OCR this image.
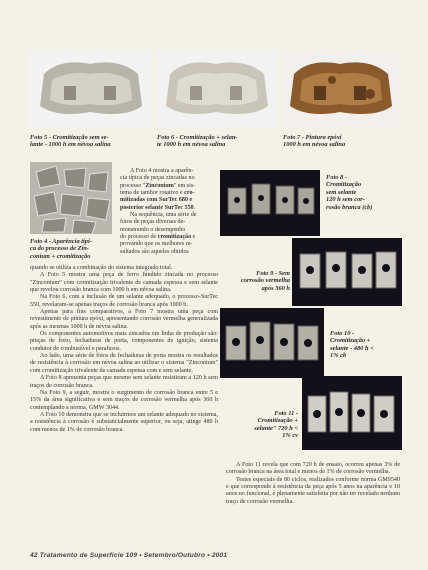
Foto 5 - Cromitização sem se-
lante - 1000 h em névoa salina
Foto 6 - Cromitização + selan-
te 1000 h em névoa salina
Foto 7 - Pintura epóxi
1000 h em névoa salina
Foto 4 - Aparência típi-
ca do processo de Zin-
conium + cromitização
A Foto 4 mostra a aparên-
cia típica de peças zincadas no
processo "Zinconium" em sis-
tema de tambor rotativo e cro-
mitizadas com SurTec 680 e
posterior selante SurTec 550.
Na sequência, uma série de
fotos de peças diversas de-
monstrando o desempenho
do processo de cromitização e
provando que os melhores re-
sultados são aqueles obtidos

quando se utiliza a combinação do sistema integrado total.

A Foto 5 mostra uma peça de ferro fundido zincada no processo "Zinconium" com cromitização trivalente de camada espessa e sem selante que revelou corrosão branca com 1000 h em névoa salina.

Na Foto 6, com a inclusão de um selante adequado, o processo-SurTec 550, revelaram-se apenas traços de corrosão branca após 1000 h.

Apenas para fins comparativos, a Foto 7 mostra uma peça com revestimento de pintura epóxi, apresentando corrosão vermelha generalizada após as mesmas 1000 h de névoa salina.

Os componentes automotivos mais zincados em linha de produção são: pinças de freio, fechaduras de porta, componentes de ignição, sistema condutor de combustível e parafusos.

Ao lado, uma série de fotos de fechaduras de porta mostra os resultados de resistência à corrosão em névoa salina ao utilizar o sistema "Zinconium" com cromitização trivalente de camada espessa com e sem selante.

A Foto 8 apresenta peças que mesmo sem selante resistiram a 120 h sem traços de corrosão branca.

Na Foto 9, a seguir, mostra o surgimento de corrosão branca entre 5 e 15% da área significativa e sem traços de corrosão vermelha após 360 h contemplando a norma, GMW 3044.

A Foto 10 demonstra que se incluirmos um selante adequado no sistema, a resistência à corrosão é substancialmente superior, ou seja, atinge 480 h com menos de 1% de corrosão branca.

Foto 8 -
Cromitização
sem selante
120 h sem cor-
rosão branca (cb)
Foto 9 - Sem
corrosão vermelha
após 360 h
Foto 10 -
Cromitização +
selante - 480 h <
1% cb
Foto 11 -
Cromitização +
selante" 720 h <
1% cv

A Foto 11 revela que com 720 h de ensaio, ocorreu apenas 3% de corrosão branca na área total e menos de 1% de corrosão vermelha.

Testes especiais de 80 ciclos, realizados conforme norma GM9540 e que corresponde à resistência da peça após 5 anos na aparência e 10 anos no funcional, é plenamente satisfeita por não ter revelado nenhum traço de corrosão vermelha.

42 Tratamento de Superfície 109 • Setembro/Outubro • 2001
